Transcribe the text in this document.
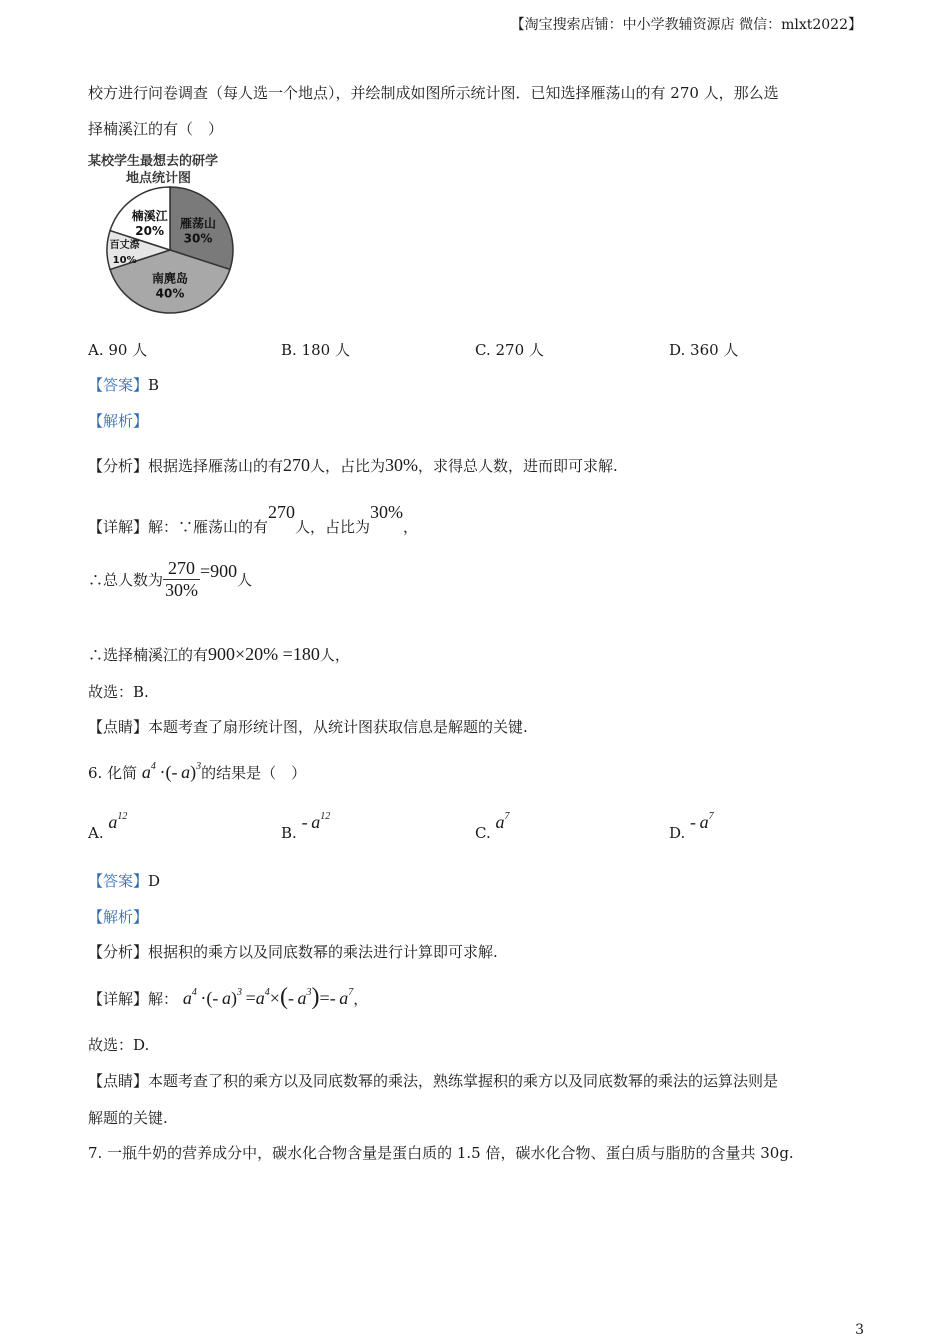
【淘宝搜索店铺：中小学教辅资源店 微信：mlxt2022】
校方进行问卷调查（每人选一个地点），并绘制成如图所示统计图．已知选择雁荡山的有 270 人，那么选
择楠溪江的有（　）
某校学生最想去的研学
地点统计图
雁荡山
30%
南麂岛
40%
百丈漈
10%
楠溪江
20%
A. 90 人	B. 180 人	C. 270 人	D. 360 人
【答案】B
【解析】
【分析】根据选择雁荡山的有270人，占比为30%，求得总人数，进而即可求解.
【详解】解：∵雁荡山的有270人，占比为30%，
∴总人数为 $\frac{270}{30\%} =900$人
∴选择楠溪江的有900×20% =180人，
故选：B.
【点睛】本题考查了扇形统计图，从统计图获取信息是解题的关键.
6. 化简 $a^4$  ·(- a)$^3$的结果是（　）
A. $a^{12}$
B. - $a^{12}$
C. $a^7$
D. - $a^7$
【答案】D
【解析】
【分析】根据积的乘方以及同底数幂的乘法进行计算即可求解.
【详解】解： $a^4$  ·(- $a)^3 =a^4\times(-$ $a^3)=-$ $a^7$，
故选：D.
【点睛】本题考查了积的乘方以及同底数幂的乘法，熟练掌握积的乘方以及同底数幂的乘法的运算法则是
解题的关键.
7. 一瓶牛奶的营养成分中，碳水化合物含量是蛋白质的 1.5 倍，碳水化合物、蛋白质与脂肪的含量共 30g.
3
